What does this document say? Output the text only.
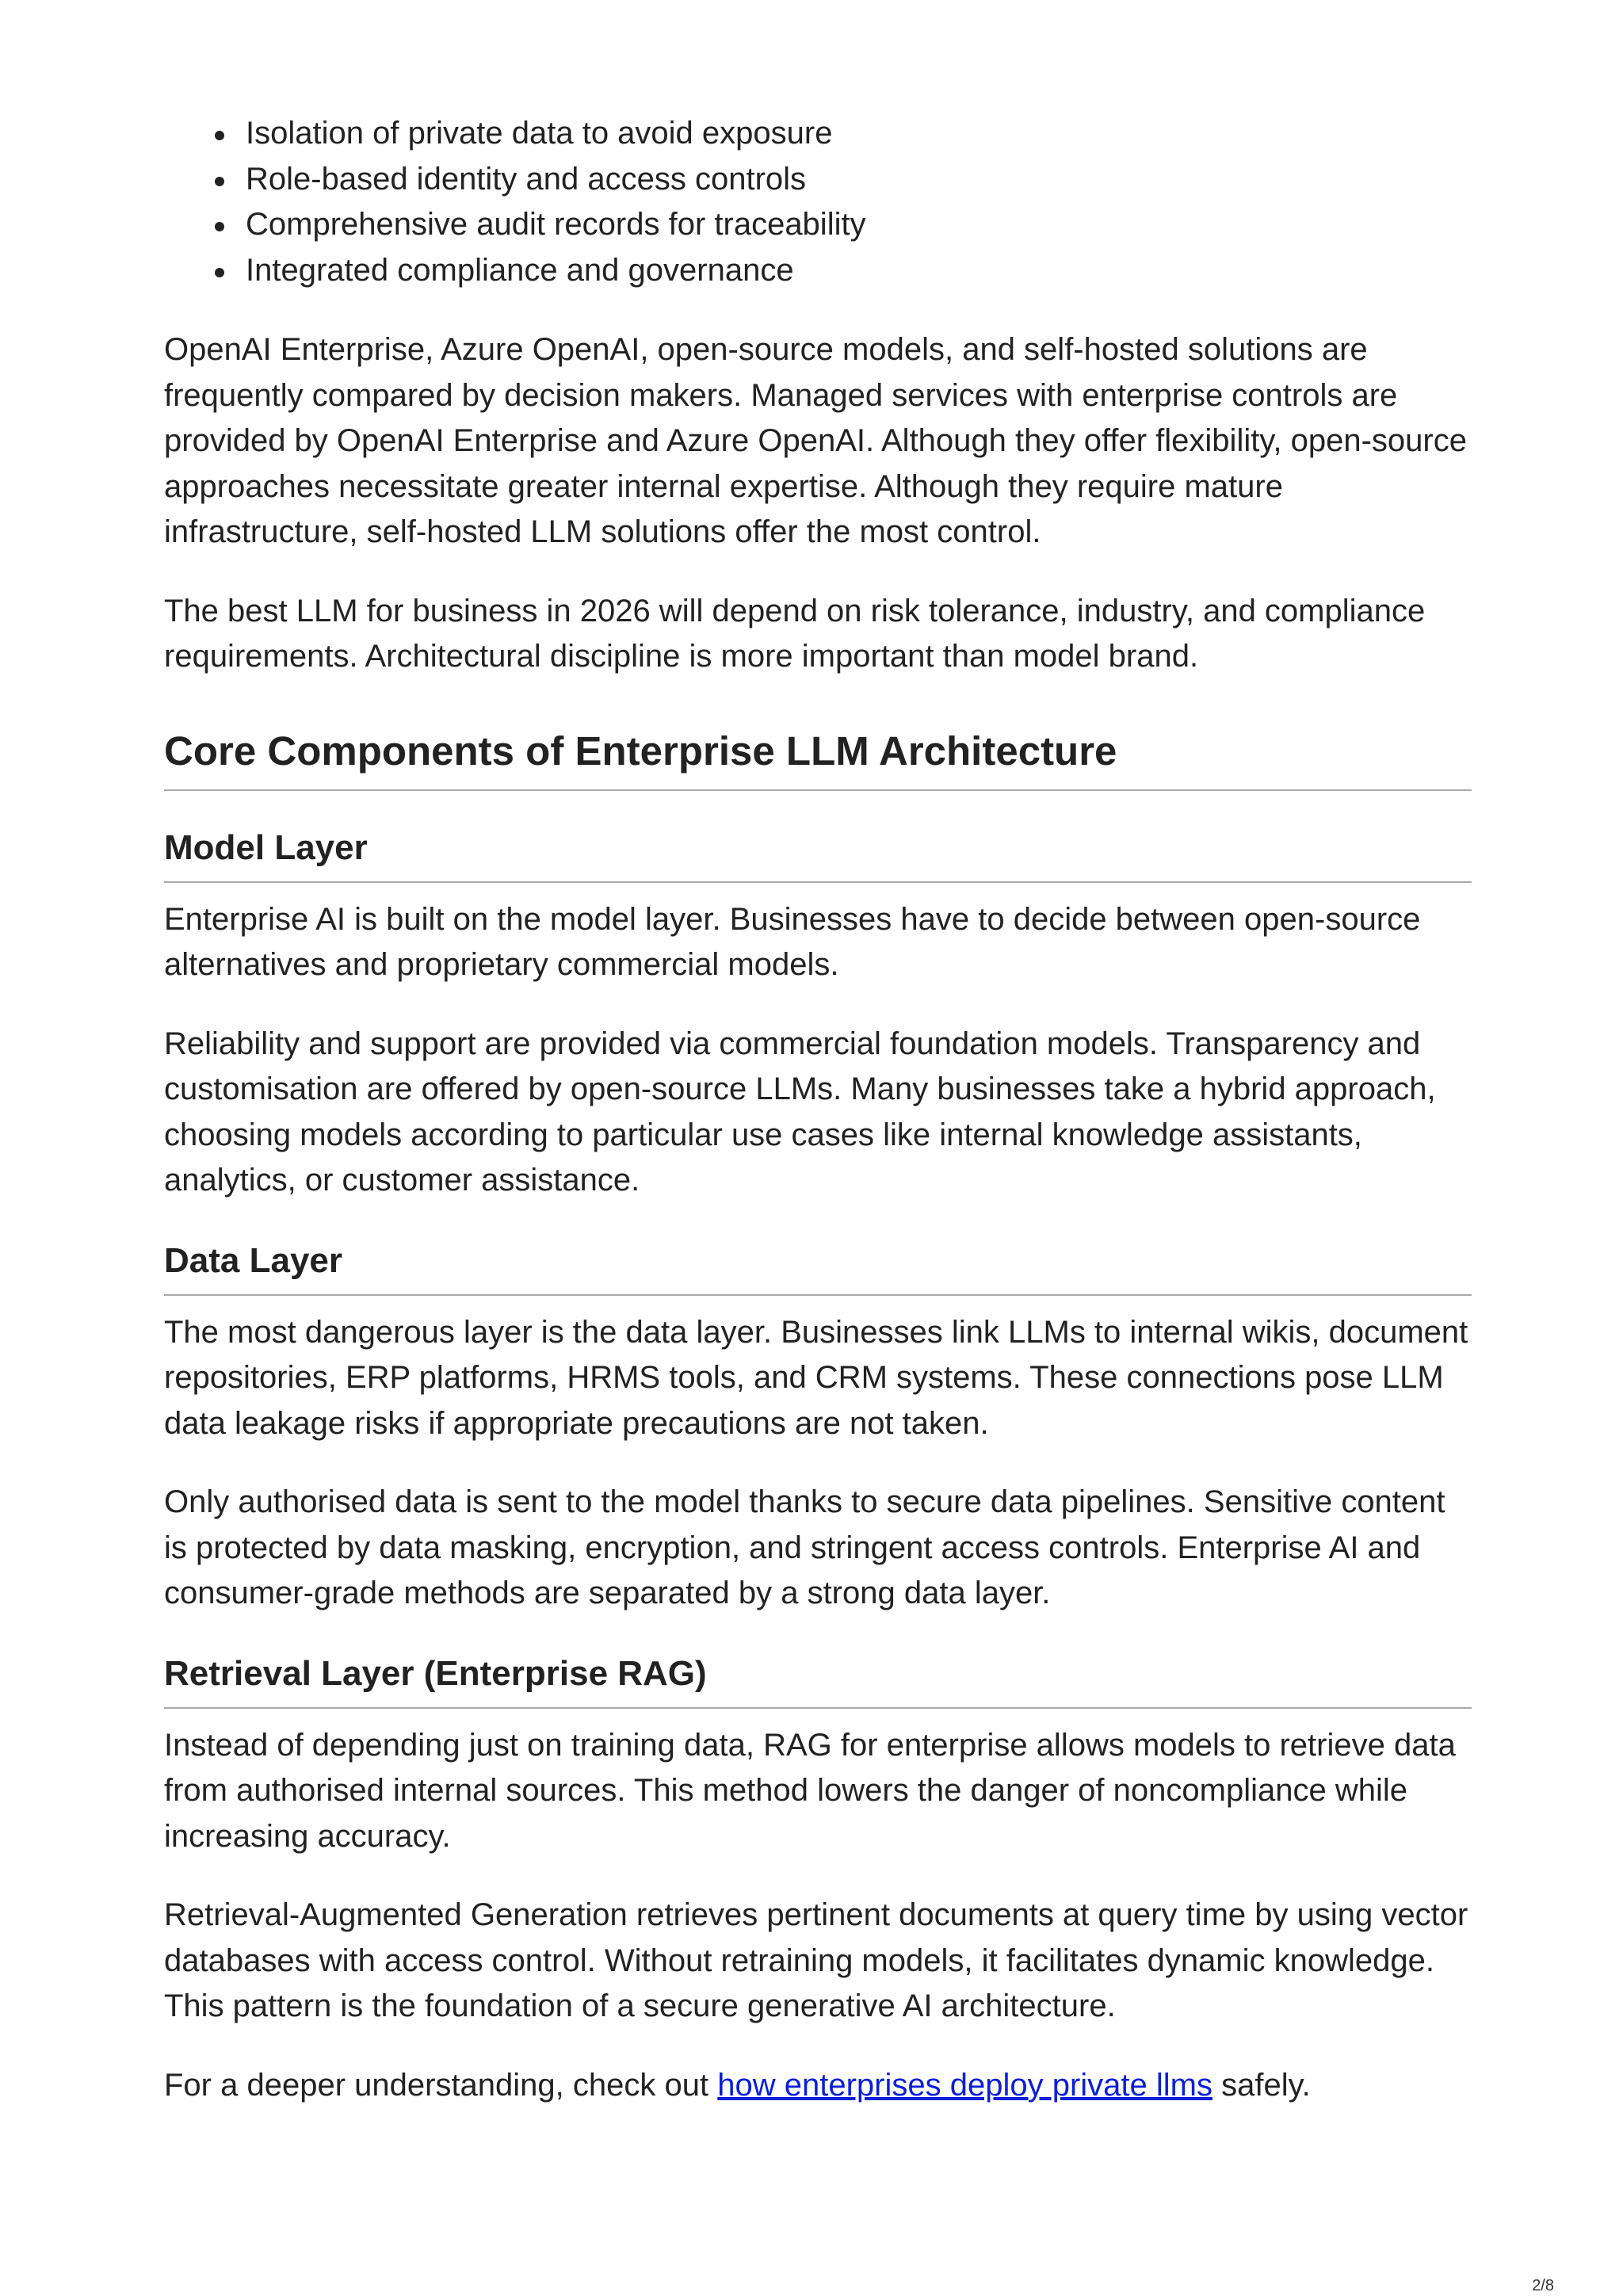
Isolation of private data to avoid exposure
Role-based identity and access controls
Comprehensive audit records for traceability
Integrated compliance and governance

OpenAI Enterprise, Azure OpenAI, open-source models, and self-hosted solutions are frequently compared by decision makers. Managed services with enterprise controls are provided by OpenAI Enterprise and Azure OpenAI. Although they offer flexibility, open-source approaches necessitate greater internal expertise. Although they require mature infrastructure, self-hosted LLM solutions offer the most control.

The best LLM for business in 2026 will depend on risk tolerance, industry, and compliance requirements. Architectural discipline is more important than model brand.

Core Components of Enterprise LLM Architecture
Model Layer

Enterprise AI is built on the model layer. Businesses have to decide between open-source alternatives and proprietary commercial models.

Reliability and support are provided via commercial foundation models. Transparency and customisation are offered by open-source LLMs. Many businesses take a hybrid approach, choosing models according to particular use cases like internal knowledge assistants, analytics, or customer assistance.

Data Layer

The most dangerous layer is the data layer. Businesses link LLMs to internal wikis, document repositories, ERP platforms, HRMS tools, and CRM systems. These connections pose LLM data leakage risks if appropriate precautions are not taken.

Only authorised data is sent to the model thanks to secure data pipelines. Sensitive content is protected by data masking, encryption, and stringent access controls. Enterprise AI and consumer-grade methods are separated by a strong data layer.

Retrieval Layer (Enterprise RAG)

Instead of depending just on training data, RAG for enterprise allows models to retrieve data from authorised internal sources. This method lowers the danger of noncompliance while increasing accuracy.

Retrieval-Augmented Generation retrieves pertinent documents at query time by using vector databases with access control. Without retraining models, it facilitates dynamic knowledge. This pattern is the foundation of a secure generative AI architecture.

For a deeper understanding, check out how enterprises deploy private llms safely.

2/8
